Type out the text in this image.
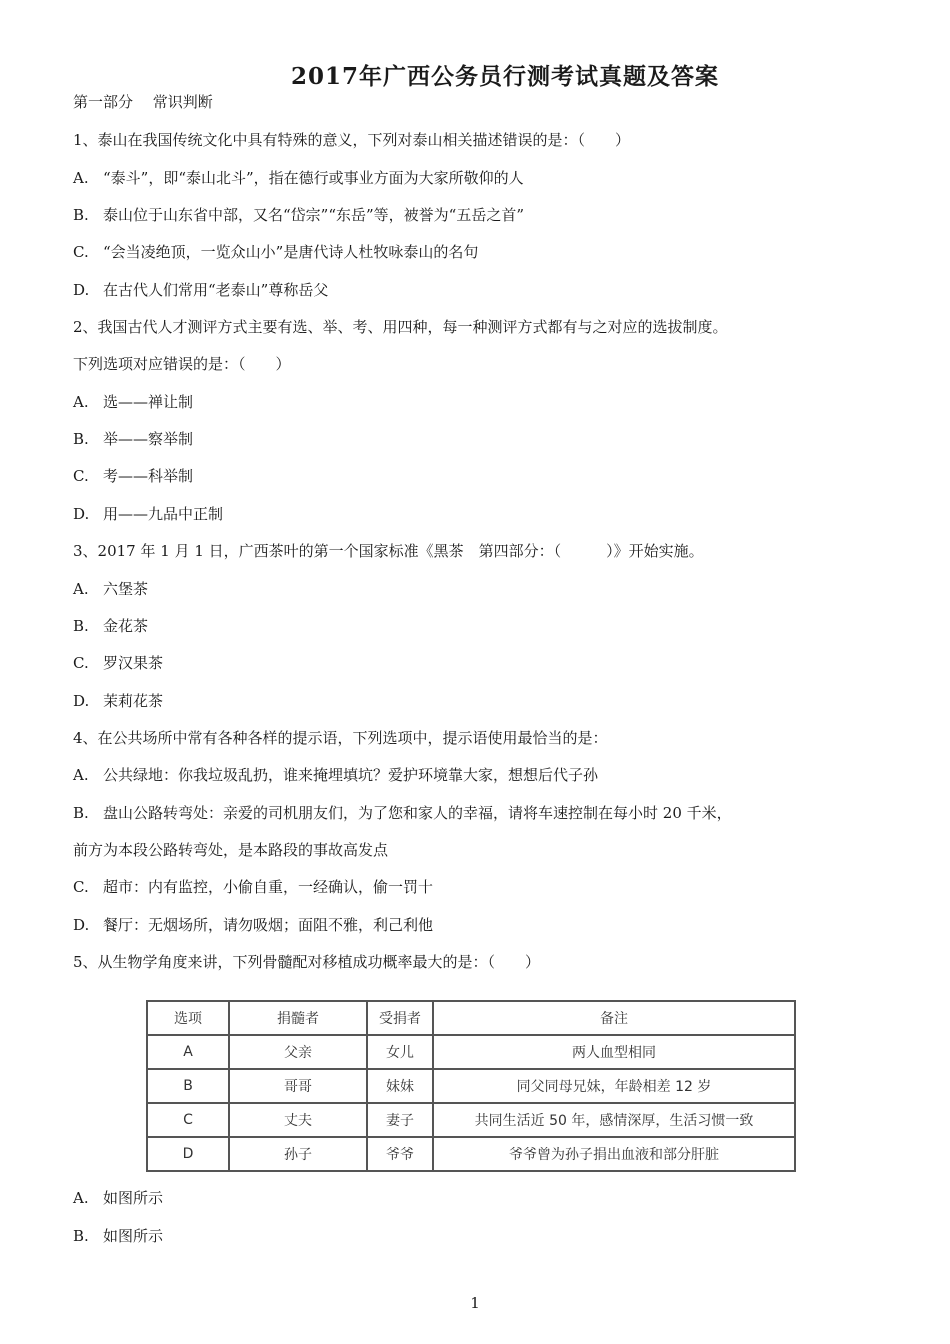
2017年广西公务员行测考试真题及答案
第一部分　 常识判断
1、泰山在我国传统文化中具有特殊的意义，下列对泰山相关描述错误的是：（　　）
A. “泰斗”，即“泰山北斗”，指在德行或事业方面为大家所敬仰的人
B. 泰山位于山东省中部，又名“岱宗”“东岳”等，被誉为“五岳之首”
C. “会当凌绝顶，一览众山小”是唐代诗人杜牧咏泰山的名句
D. 在古代人们常用“老泰山”尊称岳父
2、我国古代人才测评方式主要有选、举、考、用四种，每一种测评方式都有与之对应的选拔制度。
下列选项对应错误的是：（　　）
A. 选——禅让制
B. 举——察举制
C. 考——科举制
D. 用——九品中正制
3、2017 年 1 月 1 日，广西茶叶的第一个国家标准《黑茶　第四部分：（　　　）》开始实施。
A. 六堡茶
B. 金花茶
C. 罗汉果茶
D. 茉莉花茶
4、在公共场所中常有各种各样的提示语，下列选项中，提示语使用最恰当的是：
A. 公共绿地：你我垃圾乱扔，谁来掩埋填坑？爱护环境靠大家，想想后代子孙
B. 盘山公路转弯处：亲爱的司机朋友们，为了您和家人的幸福，请将车速控制在每小时 20 千米，
前方为本段公路转弯处，是本路段的事故高发点
C. 超市：内有监控，小偷自重，一经确认，偷一罚十
D. 餐厅：无烟场所，请勿吸烟；面阻不雅，利己利他
5、从生物学角度来讲，下列骨髓配对移植成功概率最大的是：（　　）
选项	捐髓者	受捐者	备注
A	父亲	女儿	两人血型相同
B	哥哥	妹妹	同父同母兄妹，年龄相差 12 岁
C	丈夫	妻子	共同生活近 50 年，感情深厚，生活习惯一致
D	孙子	爷爷	爷爷曾为孙子捐出血液和部分肝脏
A. 如图所示
B. 如图所示
1
